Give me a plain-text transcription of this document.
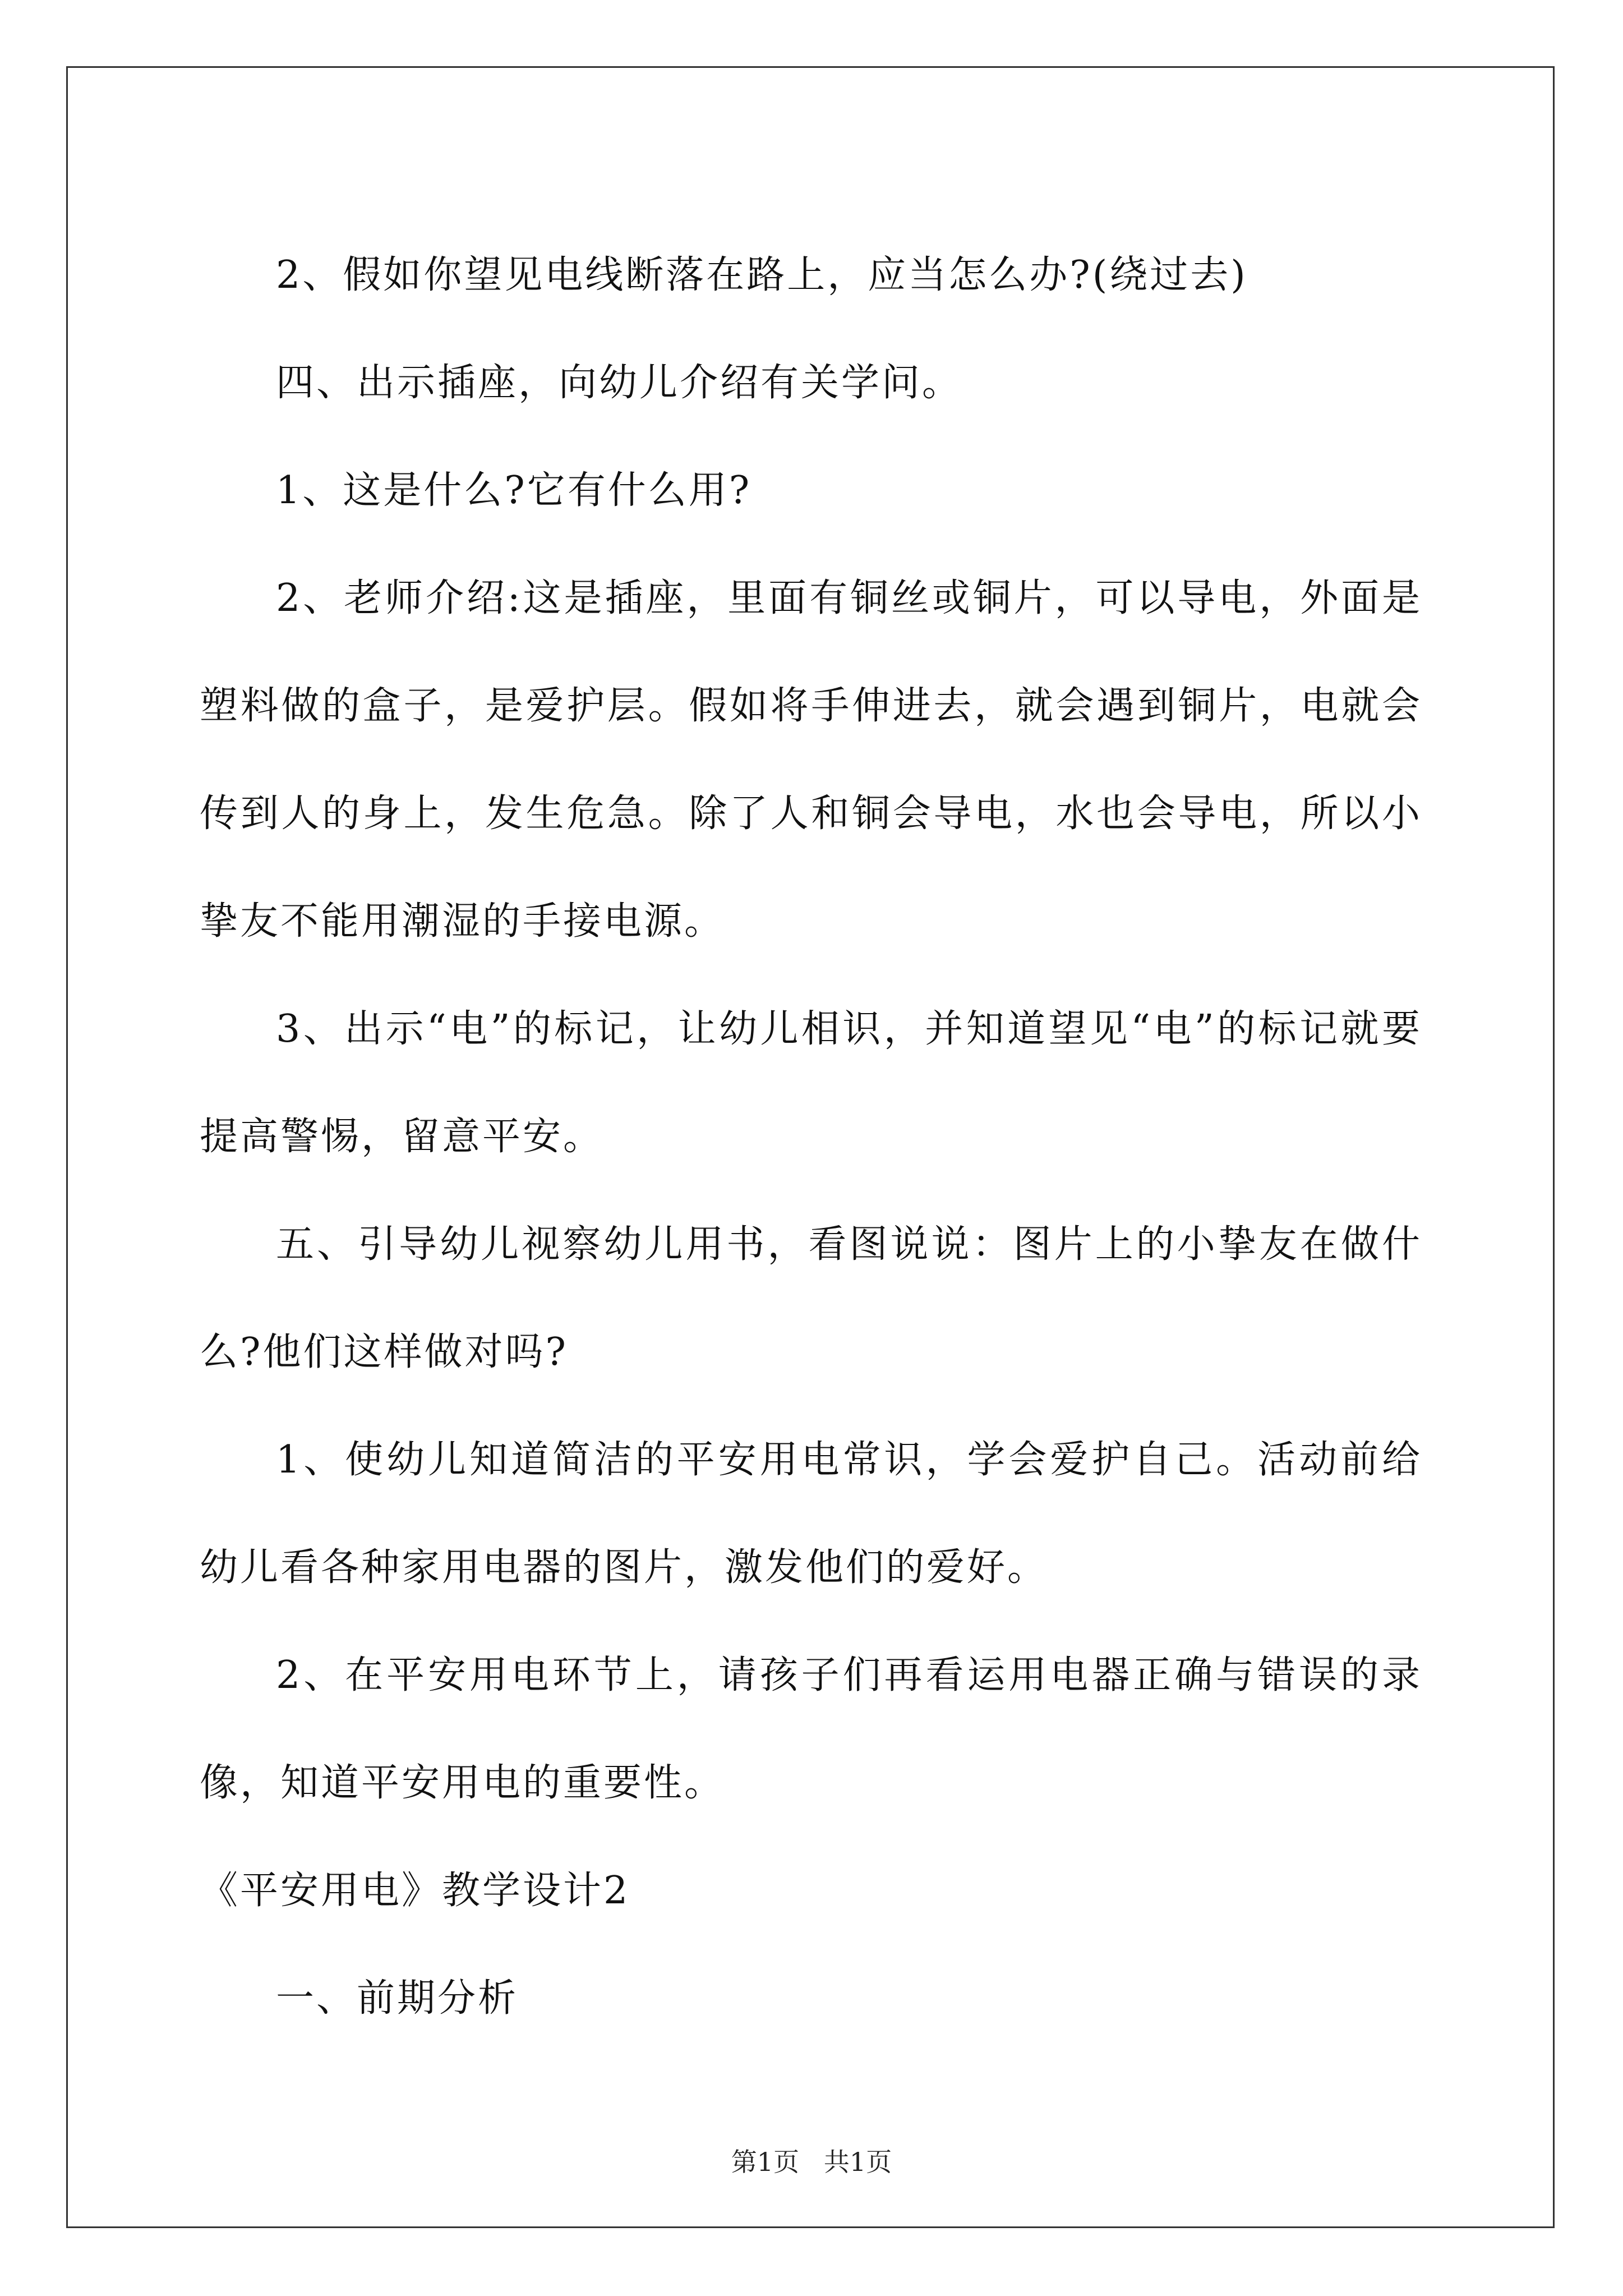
2、假如你望见电线断落在路上，应当怎么办?(绕过去)

四、出示插座，向幼儿介绍有关学问。

1、这是什么?它有什么用?

2、老师介绍:这是插座，里面有铜丝或铜片，可以导电，外面是塑料做的盒子，是爱护层。假如将手伸进去，就会遇到铜片，电就会传到人的身上，发生危急。除了人和铜会导电，水也会导电，所以小挚友不能用潮湿的手接电源。

3、出示“电”的标记，让幼儿相识，并知道望见“电”的标记就要提高警惕，留意平安。

五、引导幼儿视察幼儿用书，看图说说：图片上的小挚友在做什么?他们这样做对吗?

1、使幼儿知道简洁的平安用电常识，学会爱护自己。活动前给幼儿看各种家用电器的图片，激发他们的爱好。

2、在平安用电环节上，请孩子们再看运用电器正确与错误的录像，知道平安用电的重要性。

《平安用电》教学设计2

一、前期分析

第1页   共1页
